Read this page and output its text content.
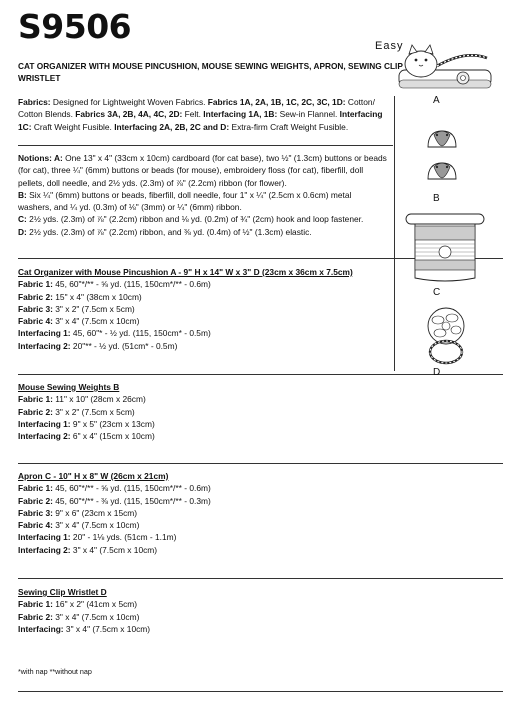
S9506	Easy
CAT ORGANIZER WITH MOUSE PINCUSHION, MOUSE SEWING WEIGHTS, APRON, SEWING CLIP
WRISTLET
Fabrics: Designed for Lightweight Woven Fabrics. Fabrics 1A, 2A, 1B, 1C, 2C, 3C, 1D: Cotton/
Cotton Blends. Fabrics 3A, 2B, 4A, 4C, 2D: Felt. Interfacing 1A, 1B: Sew-in Flannel. Interfacing
1C: Craft Weight Fusible. Interfacing 2A, 2B, 2C and D: Extra-firm Craft Weight Fusible.
Notions: A: One 13" x 4" (33cm x 10cm) cardboard (for cat base), two ½" (1.3cm) buttons or beads
(for cat), three ¼" (6mm) buttons or beads (for mouse), embroidery floss (for cat), fiberfill, doll
pellets, doll needle, and 2½ yds. (2.3m) of ⅞" (2.2cm) ribbon (for flower).
B: Six ¼" (6mm) buttons or beads, fiberfill, doll needle, four 1" x ¼" (2.5cm x 0.6cm) metal
washers, and ¼ yd. (0.3m) of ⅛" (3mm) or ¼" (6mm) ribbon.
C: 2½ yds. (2.3m) of ⅞" (2.2cm) ribbon and ⅛ yd. (0.2m) of ¾" (2cm) hook and loop fastener.
D: 2½ yds. (2.3m) of ⅞" (2.2cm) ribbon, and ⅜ yd. (0.4m) of ½" (1.3cm) elastic.
Cat Organizer with Mouse Pincushion A - 9" H x 14" W x 3" D (23cm x 36cm x 7.5cm)
Fabric 1: 45, 60"*/** - ⅝ yd. (115, 150cm*/** - 0.6m)
Fabric 2: 15" x 4" (38cm x 10cm)
Fabric 3: 3" x 2" (7.5cm x 5cm)
Fabric 4: 3" x 4" (7.5cm x 10cm)
Interfacing 1: 45, 60"* - ½ yd. (115, 150cm* - 0.5m)
Interfacing 2: 20"** - ½ yd. (51cm* - 0.5m)
Mouse Sewing Weights B
Fabric 1: 11" x 10" (28cm x 26cm)
Fabric 2: 3" x 2" (7.5cm x 5cm)
Interfacing 1: 9" x 5" (23cm x 13cm)
Interfacing 2: 6" x 4" (15cm x 10cm)
Apron C - 10" H x 8" W (26cm x 21cm)
Fabric 1: 45, 60"*/** - ⅝ yd. (115, 150cm*/** - 0.6m)
Fabric 2: 45, 60"*/** - ⅜ yd. (115, 150cm*/** - 0.3m)
Fabric 3: 9" x 6" (23cm x 15cm)
Fabric 4: 3" x 4" (7.5cm x 10cm)
Interfacing 1: 20" - 1⅛ yds. (51cm - 1.1m)
Interfacing 2: 3" x 4" (7.5cm x 10cm)
Sewing Clip Wristlet D
Fabric 1: 16" x 2" (41cm x 5cm)
Fabric 2: 3" x 4" (7.5cm x 10cm)
Interfacing: 3" x 4" (7.5cm x 10cm)
*with nap **without nap
A
B
C
D
